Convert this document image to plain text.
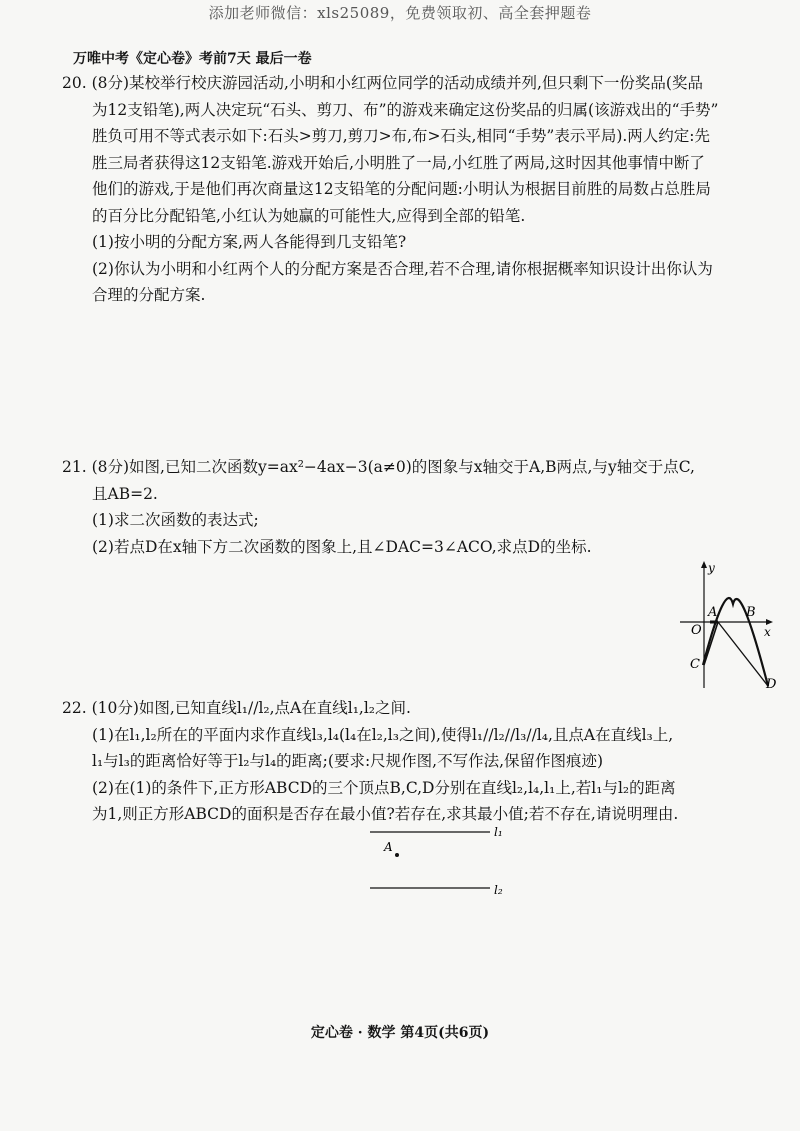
添加老师微信：xls25089，免费领取初、高全套押题卷
万唯中考《定心卷》考前7天 最后一卷
20. (8分)某校举行校庆游园活动,小明和小红两位同学的活动成绩并列,但只剩下一份奖品(奖品
为12支铅笔),两人决定玩“石头、剪刀、布”的游戏来确定这份奖品的归属(该游戏出的“手势”
胜负可用不等式表示如下:石头>剪刀,剪刀>布,布>石头,相同“手势”表示平局).两人约定:先
胜三局者获得这12支铅笔.游戏开始后,小明胜了一局,小红胜了两局,这时因其他事情中断了
他们的游戏,于是他们再次商量这12支铅笔的分配问题:小明认为根据目前胜的局数占总胜局
的百分比分配铅笔,小红认为她赢的可能性大,应得到全部的铅笔.
(1)按小明的分配方案,两人各能得到几支铅笔?
(2)你认为小明和小红两个人的分配方案是否合理,若不合理,请你根据概率知识设计出你认为
合理的分配方案.
21. (8分)如图,已知二次函数y=ax²−4ax−3(a≠0)的图象与x轴交于A,B两点,与y轴交于点C,
且AB=2.
(1)求二次函数的表达式;
(2)若点D在x轴下方二次函数的图象上,且∠DAC=3∠ACO,求点D的坐标.
y
x
O
A B
C
D
22. (10分)如图,已知直线l₁//l₂,点A在直线l₁,l₂之间.
(1)在l₁,l₂所在的平面内求作直线l₃,l₄(l₄在l₂,l₃之间),使得l₁//l₂//l₃//l₄,且点A在直线l₃上,
l₁与l₃的距离恰好等于l₂与l₄的距离;(要求:尺规作图,不写作法,保留作图痕迹)
(2)在(1)的条件下,正方形ABCD的三个顶点B,C,D分别在直线l₂,l₄,l₁上,若l₁与l₂的距离
为1,则正方形ABCD的面积是否存在最小值?若存在,求其最小值;若不存在,请说明理由.
l₁
l₂
A
定心卷 · 数学 第4页(共6页)
